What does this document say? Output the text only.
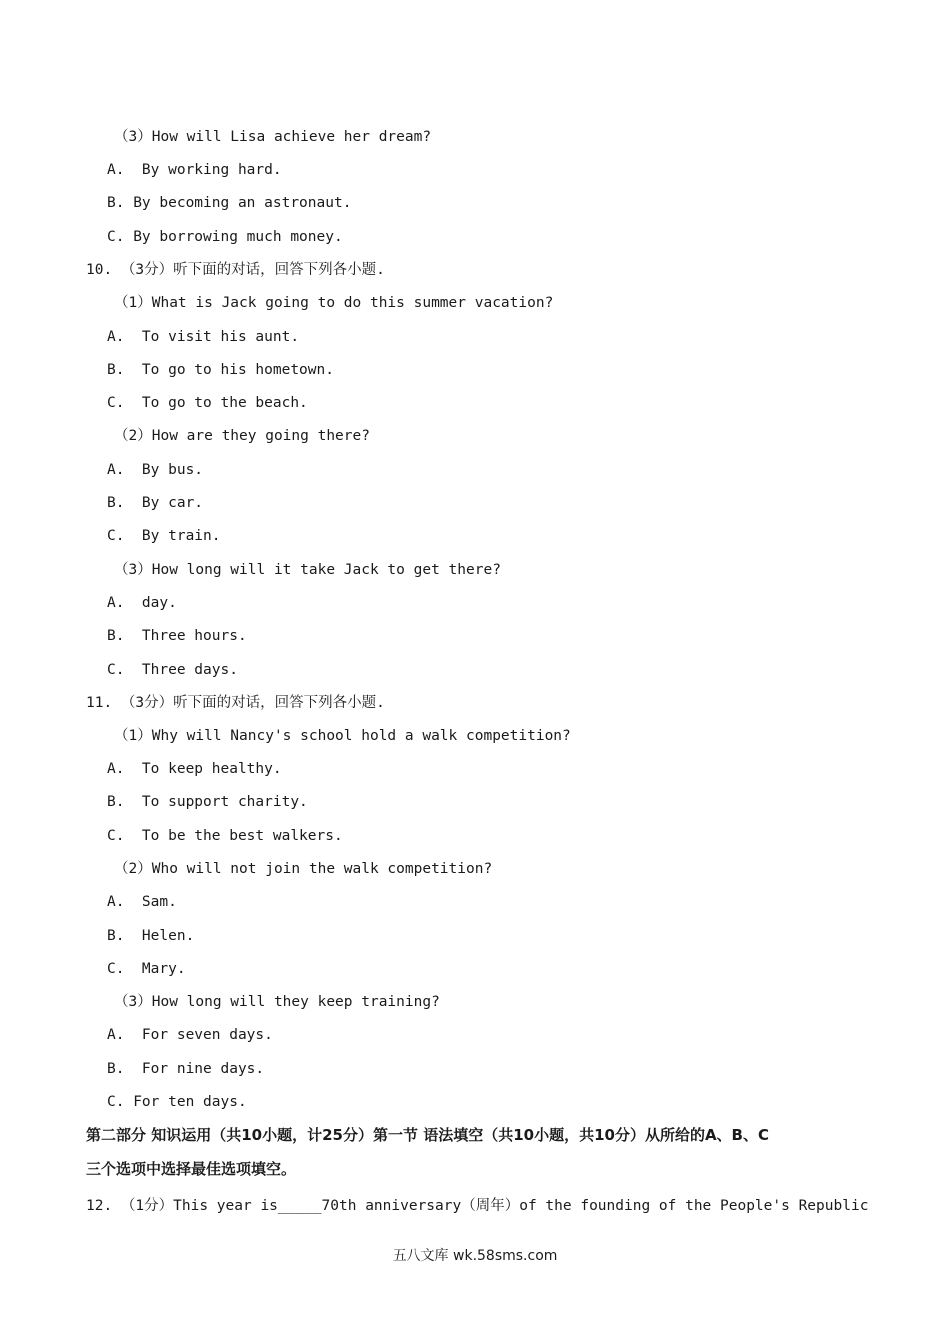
（3）How will Lisa achieve her dream?
A.  By working hard.
B. By becoming an astronaut.
C. By borrowing much money.
10. （3分）听下面的对话，回答下列各小题.
（1）What is Jack going to do this summer vacation?
A.  To visit his aunt.
B.  To go to his hometown.
C.  To go to the beach.
（2）How are they going there?
A.  By bus.
B.  By car.
C.  By train.
（3）How long will it take Jack to get there?
A.  day.
B.  Three hours.
C.  Three days.
11. （3分）听下面的对话，回答下列各小题.
（1）Why will Nancy's school hold a walk competition?
A.  To keep healthy.
B.  To support charity.
C.  To be the best walkers.
（2）Who will not join the walk competition?
A.  Sam.
B.  Helen.
C.  Mary.
（3）How long will they keep training?
A.  For seven days.
B.  For nine days.
C. For ten days.
第二部分 知识运用（共10小题，计25分）第一节 语法填空（共10小题，共10分）从所给的A、B、C
三个选项中选择最佳选项填空。
12. （1分）This year is_____70th anniversary（周年）of the founding of the People's Republic
五八文库 wk.58sms.com
